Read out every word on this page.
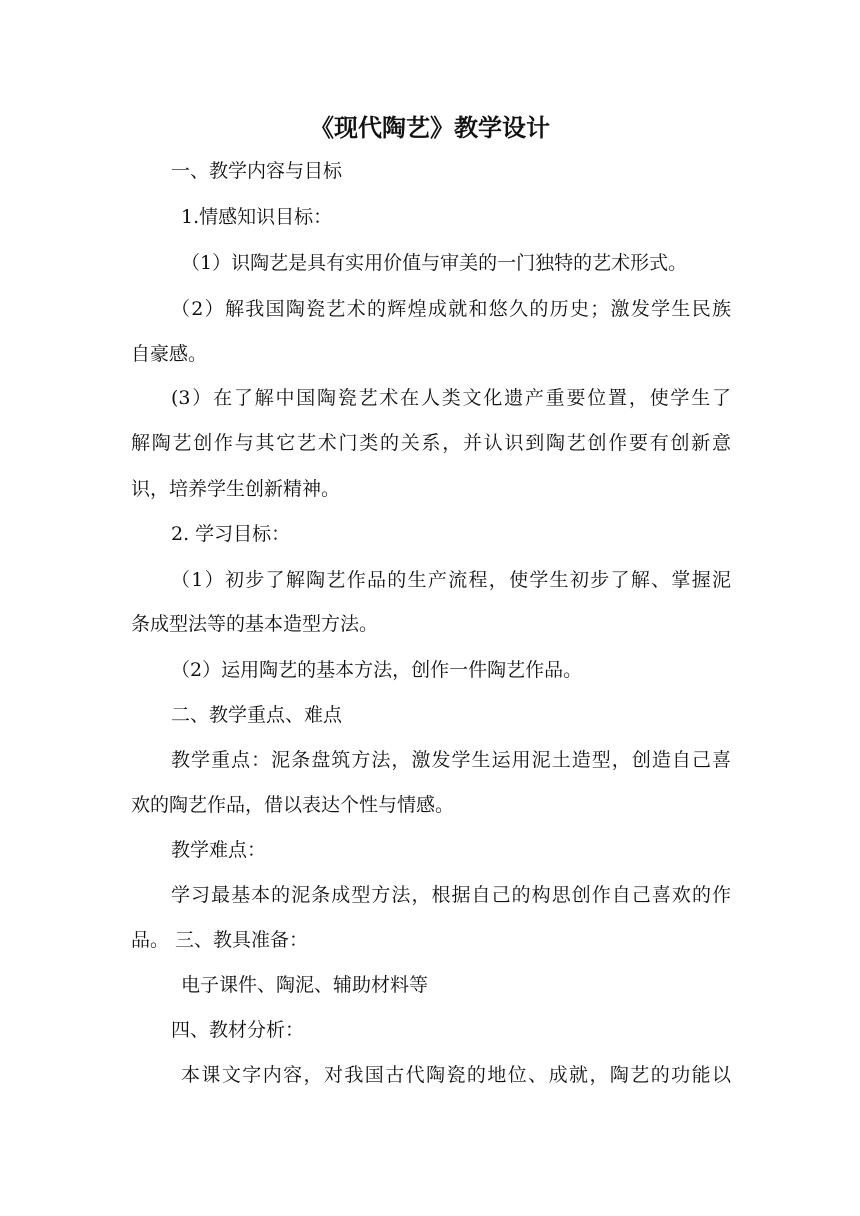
《现代陶艺》教学设计

一、教学内容与目标

1.情感知识目标：

（1）识陶艺是具有实用价值与审美的一门独特的艺术形式。

（2）解我国陶瓷艺术的辉煌成就和悠久的历史；激发学生民族

自豪感。

(3）在了解中国陶瓷艺术在人类文化遗产重要位置，使学生了

解陶艺创作与其它艺术门类的关系，并认识到陶艺创作要有创新意

识，培养学生创新精神。

2. 学习目标：

（1）初步了解陶艺作品的生产流程，使学生初步了解、掌握泥

条成型法等的基本造型方法。

（2）运用陶艺的基本方法，创作一件陶艺作品。

二、教学重点、难点

教学重点：泥条盘筑方法，激发学生运用泥土造型，创造自己喜

欢的陶艺作品，借以表达个性与情感。

教学难点：

学习最基本的泥条成型方法，根据自己的构思创作自己喜欢的作

品。 三、教具准备：

电子课件、陶泥、辅助材料等

四、教材分析：

本课文字内容，对我国古代陶瓷的地位、成就，陶艺的功能以
